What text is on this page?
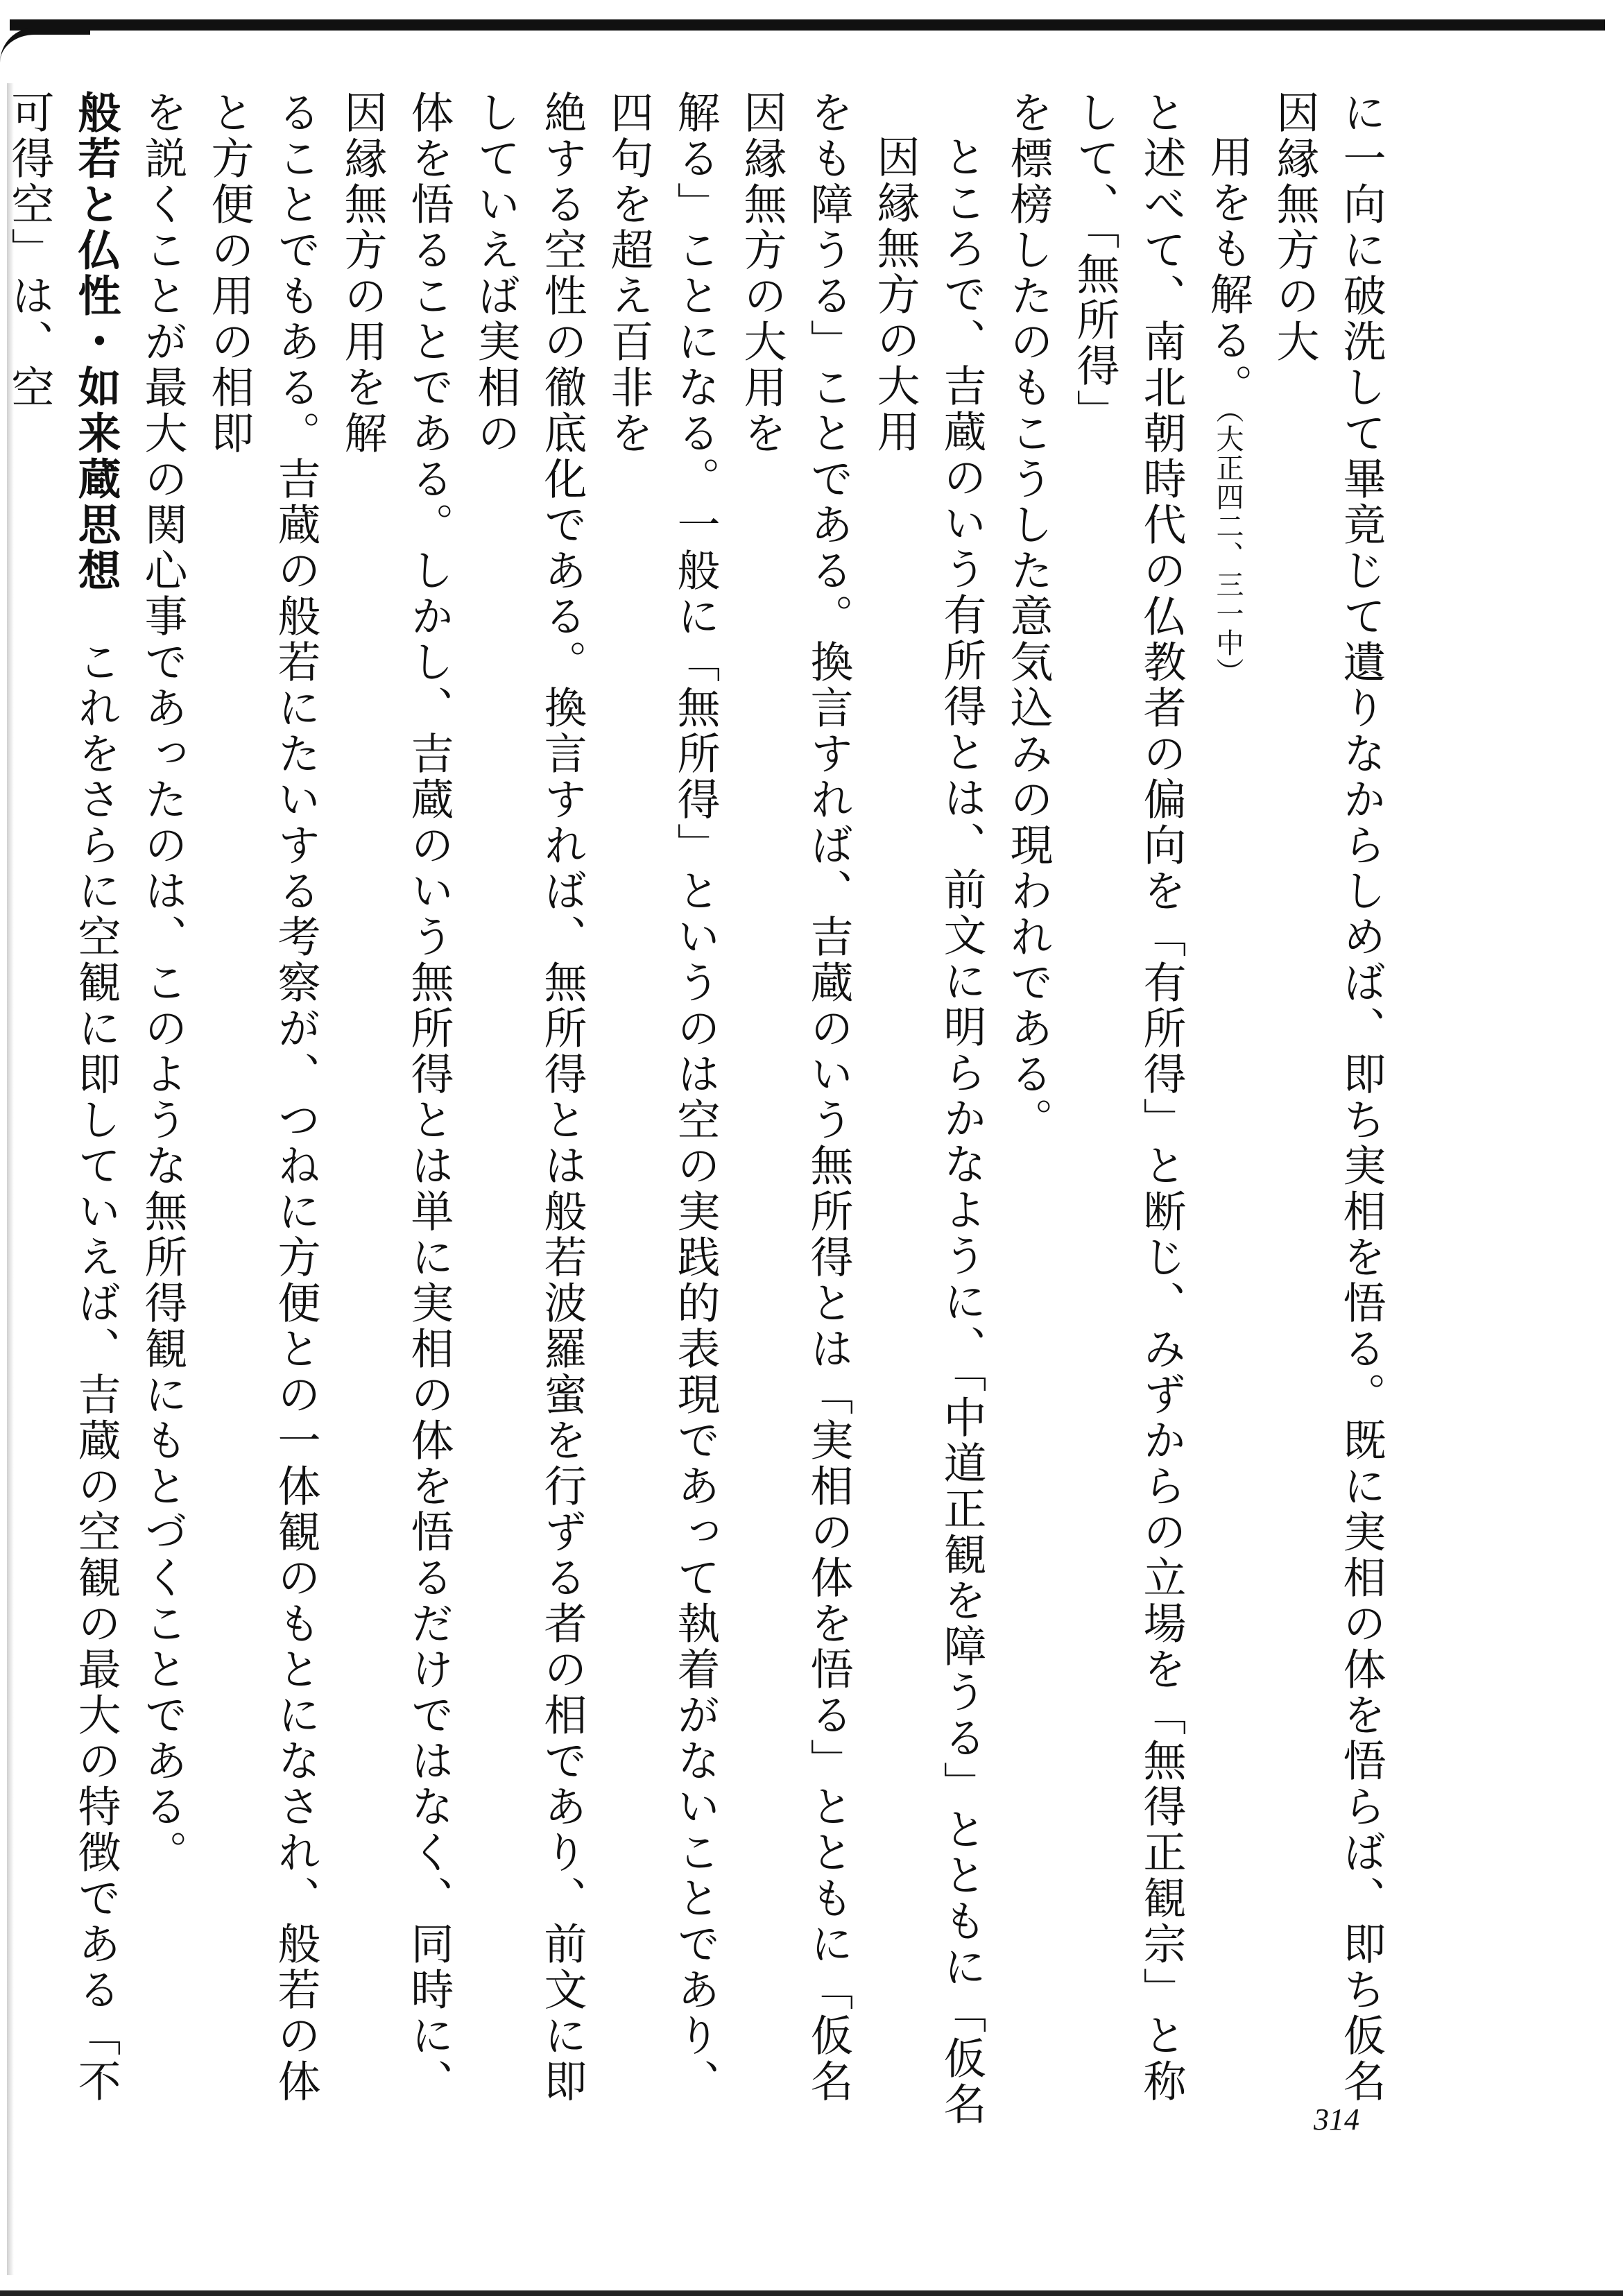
に一向に破洗して畢竟じて遺りなからしめば、即ち実相を悟る。既に実相の体を悟らば、即ち仮名因縁無方の大

用をも解る。（大正四二、三一中）

と述べて、南北朝時代の仏教者の偏向を「有所得」と断じ、みずからの立場を「無得正観宗」と称して、「無所得」

を標榜したのもこうした意気込みの現われである。

ところで、吉蔵のいう有所得とは、前文に明らかなように、「中道正観を障うる」とともに「仮名因縁無方の大用

をも障うる」ことである。換言すれば、吉蔵のいう無所得とは「実相の体を悟る」とともに「仮名因縁無方の大用を

解る」ことになる。一般に「無所得」というのは空の実践的表現であって執着がないことであり、四句を超え百非を

絶する空性の徹底化である。換言すれば、無所得とは般若波羅蜜を行ずる者の相であり、前文に即していえば実相の

体を悟ることである。しかし、吉蔵のいう無所得とは単に実相の体を悟るだけではなく、同時に、因縁無方の用を解

ることでもある。吉蔵の般若にたいする考察が、つねに方便との一体観のもとになされ、般若の体と方便の用の相即

を説くことが最大の関心事であったのは、このような無所得観にもとづくことである。

般若と仏性・如来蔵思想　これをさらに空観に即していえば、吉蔵の空観の最大の特徴である「不可得空」は、空

314
